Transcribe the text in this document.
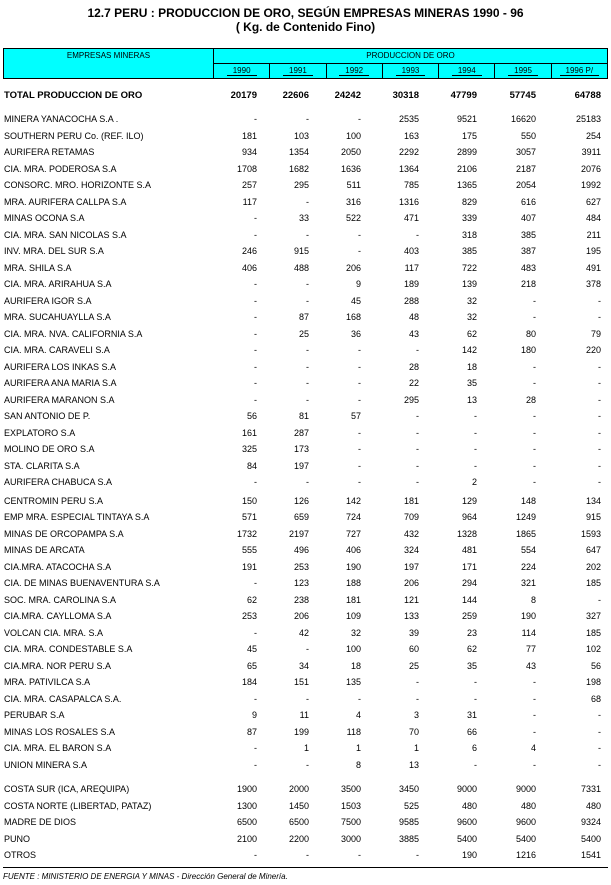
12.7 PERU : PRODUCCION DE ORO, SEGÚN EMPRESAS MINERAS 1990 - 96
( Kg. de Contenido Fino)
EMPRESAS MINERAS	PRODUCCION DE ORO
1990	1991	1992	1993	1994	1995	1996 P/
TOTAL PRODUCCION DE ORO	20179	22606	24242	30318	47799	57745	64788
MINERA YANACOCHA S.A .	-	-	-	2535	9521	16620	25183
SOUTHERN PERU Co. (REF. ILO)	181	103	100	163	175	550	254
AURIFERA RETAMAS	934	1354	2050	2292	2899	3057	3911
CIA. MRA. PODEROSA S.A	1708	1682	1636	1364	2106	2187	2076
CONSORC. MRO. HORIZONTE S.A	257	295	511	785	1365	2054	1992
MRA. AURIFERA CALLPA S.A	117	-	316	1316	829	616	627
MINAS OCONA S.A	-	33	522	471	339	407	484
CIA. MRA. SAN NICOLAS S.A	-	-	-	-	318	385	211
INV. MRA. DEL SUR S.A	246	915	-	403	385	387	195
MRA. SHILA S.A	406	488	206	117	722	483	491
CIA. MRA. ARIRAHUA S.A	-	-	9	189	139	218	378
AURIFERA IGOR S.A	-	-	45	288	32	-	-
MRA. SUCAHUAYLLA S.A	-	87	168	48	32	-	-
CIA. MRA. NVA. CALIFORNIA S.A	-	25	36	43	62	80	79
CIA. MRA. CARAVELI S.A	-	-	-	-	142	180	220
AURIFERA LOS INKAS S.A	-	-	-	28	18	-	-
AURIFERA ANA MARIA S.A	-	-	-	22	35	-	-
AURIFERA MARANON S.A	-	-	-	295	13	28	-
SAN ANTONIO DE P.	56	81	57	-	-	-	-
EXPLATORO S.A	161	287	-	-	-	-	-
MOLINO DE ORO S.A	325	173	-	-	-	-	-
STA. CLARITA S.A	84	197	-	-	-	-	-
AURIFERA CHABUCA S.A	-	-	-	-	2	-	-
CENTROMIN PERU S.A	150	126	142	181	129	148	134
EMP MRA. ESPECIAL TINTAYA S.A	571	659	724	709	964	1249	915
MINAS DE ORCOPAMPA S.A	1732	2197	727	432	1328	1865	1593
MINAS DE ARCATA	555	496	406	324	481	554	647
CIA.MRA. ATACOCHA S.A	191	253	190	197	171	224	202
CIA. DE MINAS BUENAVENTURA S.A	-	123	188	206	294	321	185
SOC. MRA. CAROLINA S.A	62	238	181	121	144	8	-
CIA.MRA. CAYLLOMA S.A	253	206	109	133	259	190	327
VOLCAN CIA. MRA. S.A	-	42	32	39	23	114	185
CIA. MRA. CONDESTABLE S.A	45	-	100	60	62	77	102
CIA.MRA. NOR PERU S.A	65	34	18	25	35	43	56
MRA. PATIVILCA S.A	184	151	135	-	-	-	198
CIA. MRA. CASAPALCA S.A.	-	-	-	-	-	-	68
PERUBAR S.A	9	11	4	3	31	-	-
MINAS LOS ROSALES S.A	87	199	118	70	66	-	-
CIA. MRA. EL BARON S.A	-	1	1	1	6	4	-
UNION MINERA S.A	-	-	8	13	-	-	-
COSTA SUR (ICA, AREQUIPA)	1900	2000	3500	3450	9000	9000	7331
COSTA NORTE (LIBERTAD, PATAZ)	1300	1450	1503	525	480	480	480
MADRE DE DIOS	6500	6500	7500	9585	9600	9600	9324
PUNO	2100	2200	3000	3885	5400	5400	5400
OTROS	-	-	-	-	190	1216	1541
FUENTE : MINISTERIO DE ENERGIA Y MINAS - Dirección General de Minería.
